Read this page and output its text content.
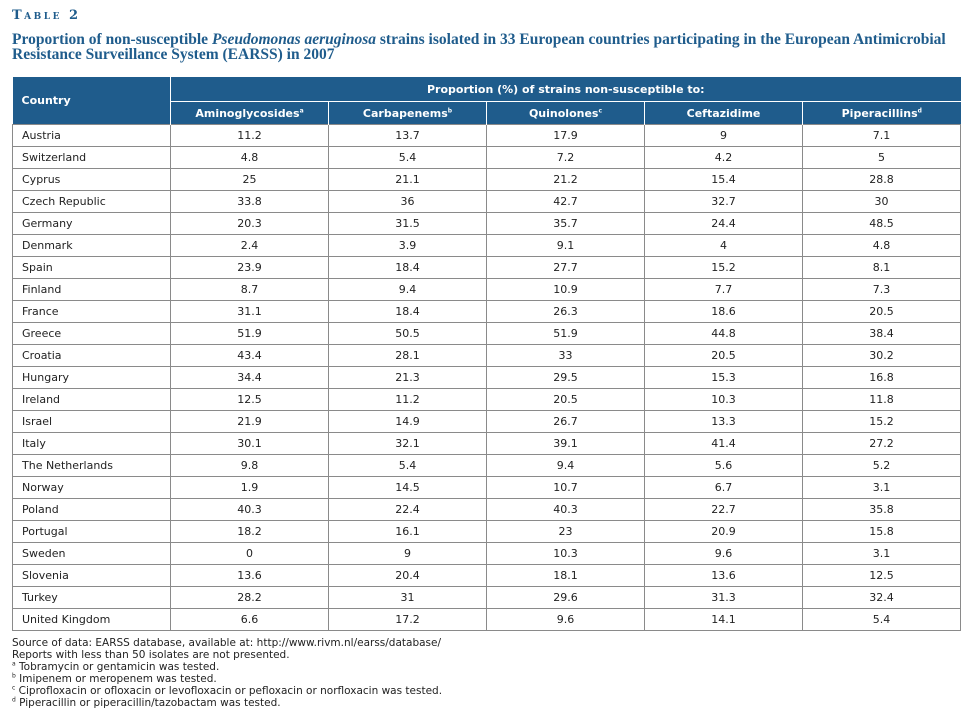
Table 2
Proportion of non-susceptible Pseudomonas aeruginosa strains isolated in 33 European countries participating in the European Antimicrobial Resistance Surveillance System (EARSS) in 2007
Country	Proportion (%) of strains non-susceptible to:				
	Aminoglycosides$^a$	Carbapenems$^b$	Quinolones$^c$	Ceftazidime	Piperacillins$^d$
Austria	11.2	13.7	17.9	9	7.1
Switzerland	4.8	5.4	7.2	4.2	5
Cyprus	25	21.1	21.2	15.4	28.8
Czech Republic	33.8	36	42.7	32.7	30
Germany	20.3	31.5	35.7	24.4	48.5
Denmark	2.4	3.9	9.1	4	4.8
Spain	23.9	18.4	27.7	15.2	8.1
Finland	8.7	9.4	10.9	7.7	7.3
France	31.1	18.4	26.3	18.6	20.5
Greece	51.9	50.5	51.9	44.8	38.4
Croatia	43.4	28.1	33	20.5	30.2
Hungary	34.4	21.3	29.5	15.3	16.8
Ireland	12.5	11.2	20.5	10.3	11.8
Israel	21.9	14.9	26.7	13.3	15.2
Italy	30.1	32.1	39.1	41.4	27.2
The Netherlands	9.8	5.4	9.4	5.6	5.2
Norway	1.9	14.5	10.7	6.7	3.1
Poland	40.3	22.4	40.3	22.7	35.8
Portugal	18.2	16.1	23	20.9	15.8
Sweden	0	9	10.3	9.6	3.1
Slovenia	13.6	20.4	18.1	13.6	12.5
Turkey	28.2	31	29.6	31.3	32.4
United Kingdom	6.6	17.2	9.6	14.1	5.4
Source of data: EARSS database, available at: http://www.rivm.nl/earss/database/
Reports with less than 50 isolates are not presented.
$^a$ Tobramycin or gentamicin was tested.
$^b$ Imipenem or meropenem was tested.
$^c$ Ciprofloxacin or ofloxacin or levofloxacin or pefloxacin or norfloxacin was tested.
$^d$ Piperacillin or piperacillin/tazobactam was tested.
